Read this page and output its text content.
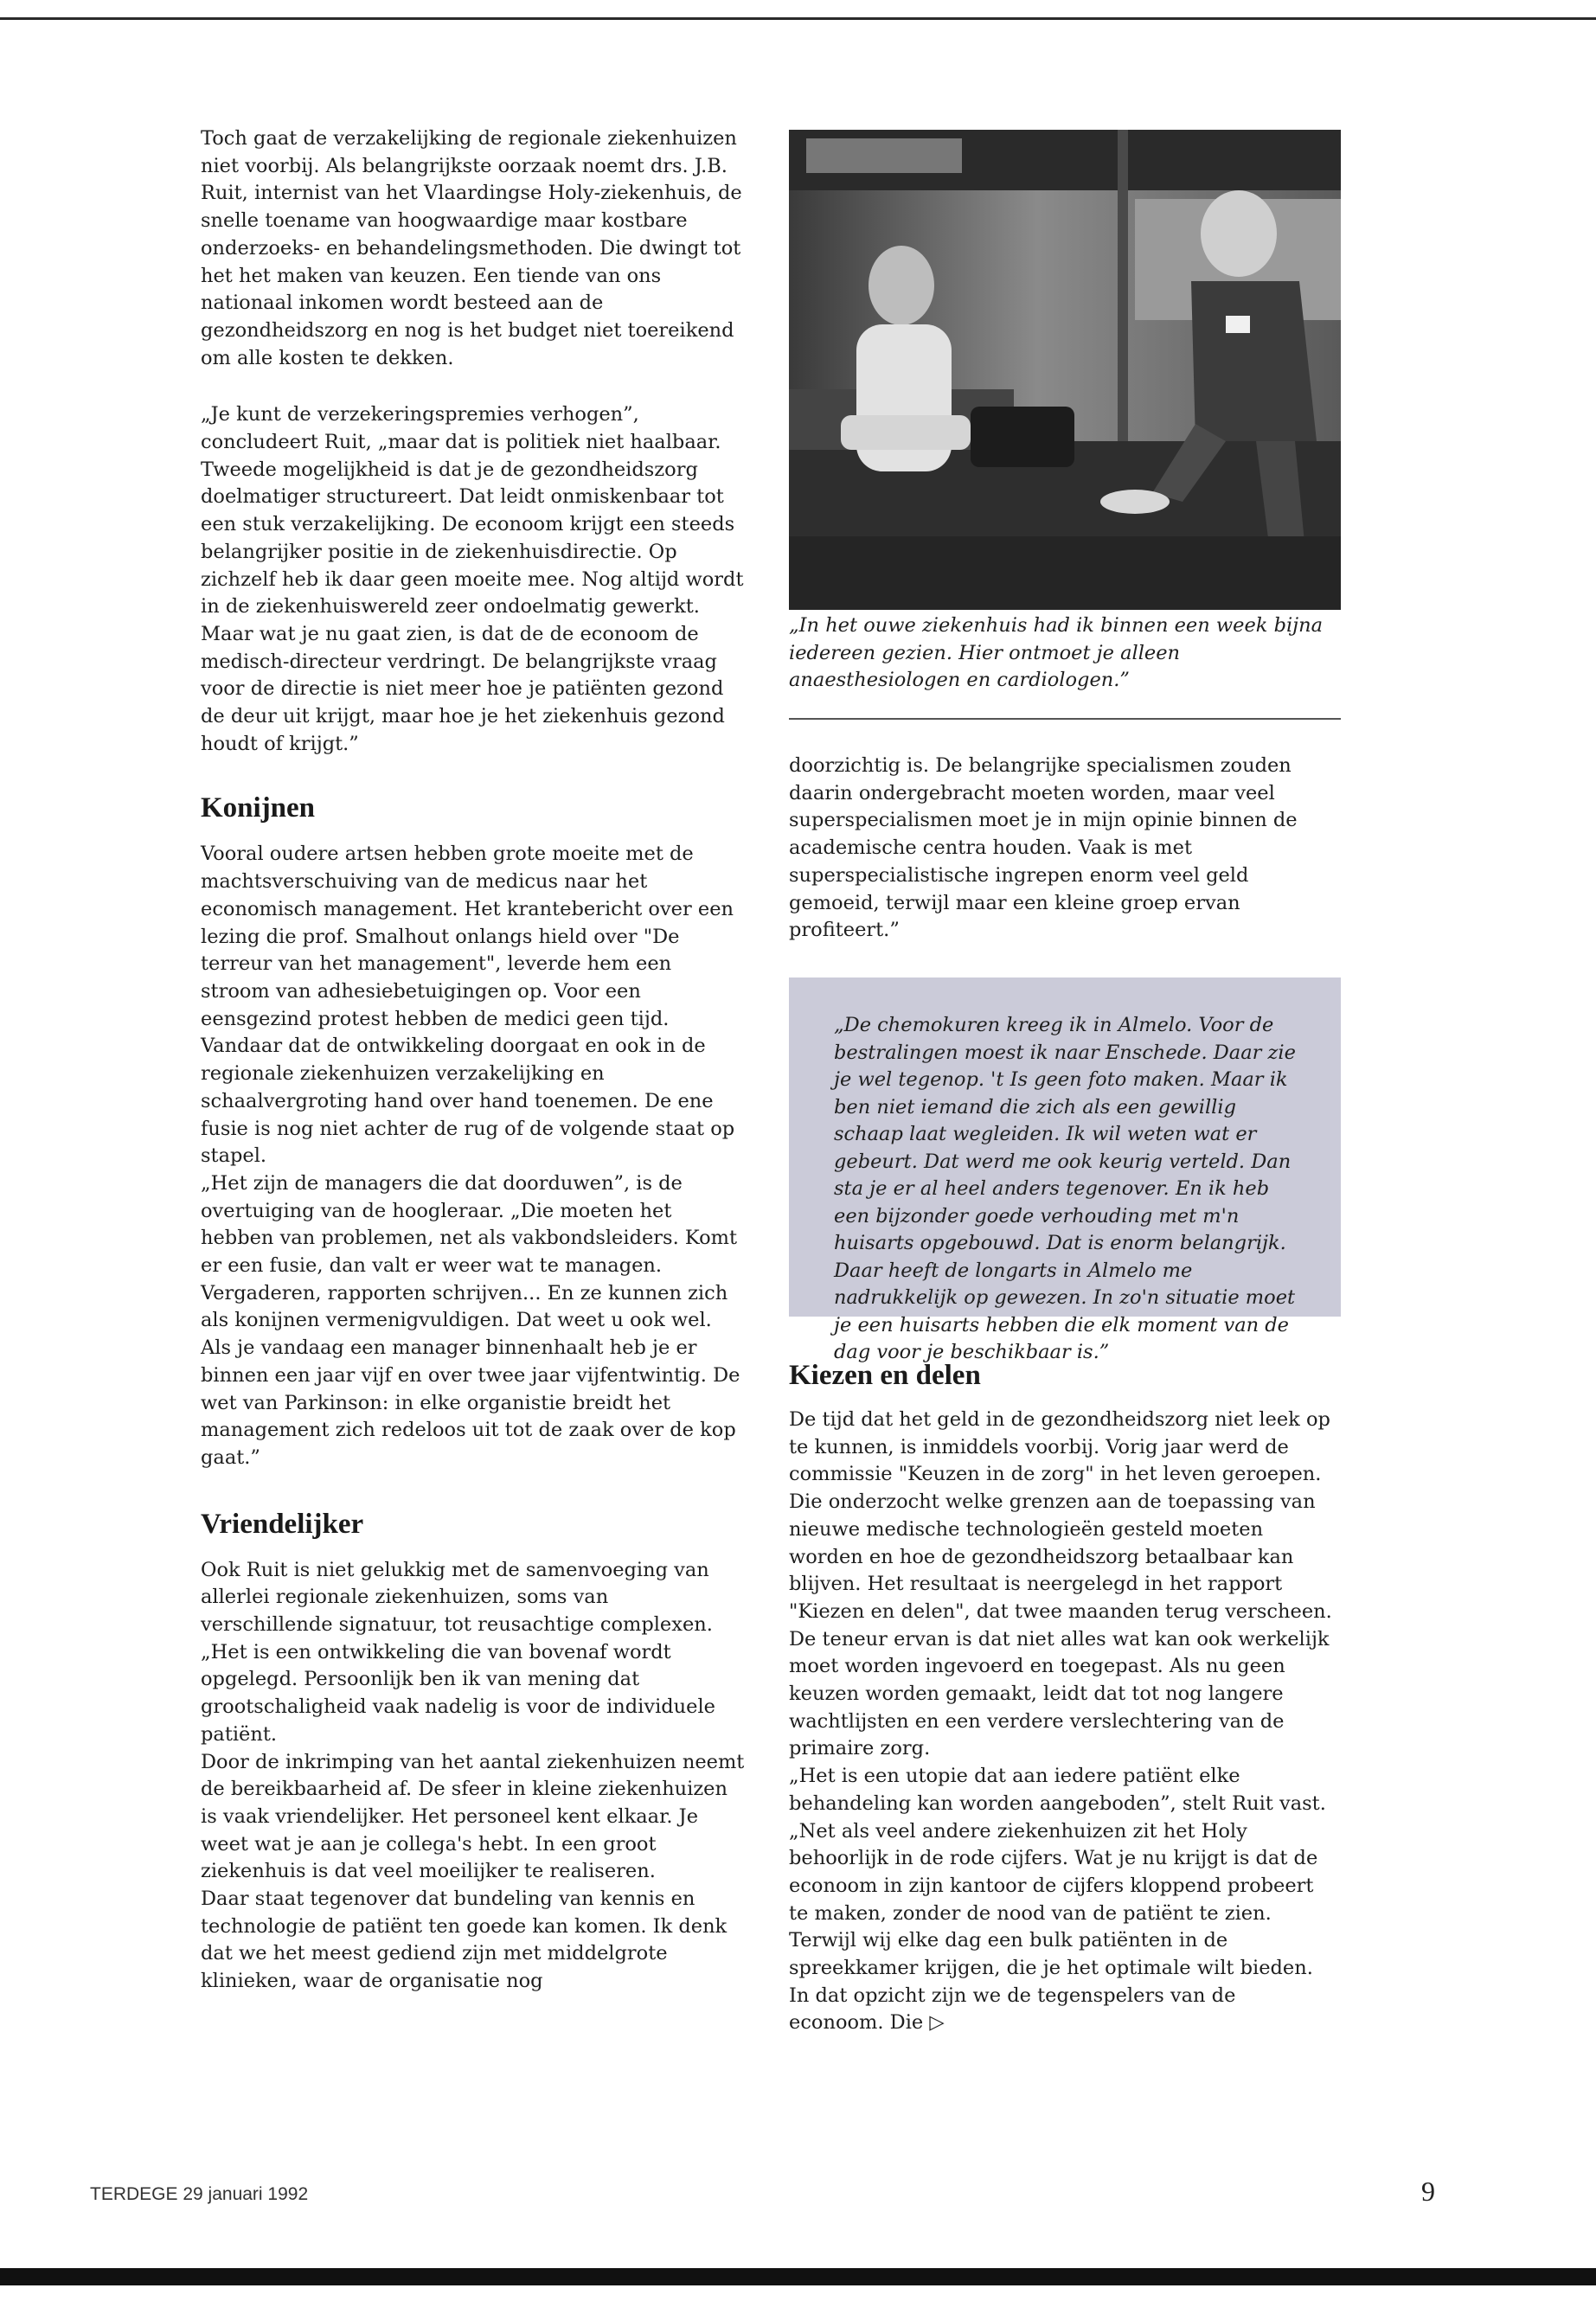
Toch gaat de verzakelijking de regionale ziekenhuizen niet voorbij. Als belangrijkste oorzaak noemt drs. J.B. Ruit, internist van het Vlaardingse Holy-ziekenhuis, de snelle toename van hoogwaardige maar kostbare onderzoeks- en behandelingsmethoden. Die dwingt tot het het maken van keuzen. Een tiende van ons nationaal inkomen wordt besteed aan de gezondheidszorg en nog is het budget niet toereikend om alle kosten te dekken.

„Je kunt de verzekeringspremies verhogen”, concludeert Ruit, „maar dat is politiek niet haalbaar. Tweede mogelijkheid is dat je de gezondheidszorg doelmatiger structureert. Dat leidt onmiskenbaar tot een stuk verzakelijking. De econoom krijgt een steeds belangrijker positie in de ziekenhuisdirectie. Op zichzelf heb ik daar geen moeite mee. Nog altijd wordt in de ziekenhuiswereld zeer ondoelmatig gewerkt. Maar wat je nu gaat zien, is dat de de econoom de medisch-directeur verdringt. De belangrijkste vraag voor de directie is niet meer hoe je patiënten gezond de deur uit krijgt, maar hoe je het ziekenhuis gezond houdt of krijgt.”

Konijnen

Vooral oudere artsen hebben grote moeite met de machtsverschuiving van de medicus naar het economisch management. Het krantebericht over een lezing die prof. Smalhout onlangs hield over "De terreur van het management", leverde hem een stroom van adhesiebetuigingen op. Voor een eensgezind protest hebben de medici geen tijd. Vandaar dat de ontwikkeling doorgaat en ook in de regionale ziekenhuizen verzakelijking en schaalvergroting hand over hand toenemen. De ene fusie is nog niet achter de rug of de volgende staat op stapel.

„Het zijn de managers die dat doorduwen”, is de overtuiging van de hoogleraar. „Die moeten het hebben van problemen, net als vakbondsleiders. Komt er een fusie, dan valt er weer wat te managen. Vergaderen, rapporten schrijven... En ze kunnen zich als konijnen vermenigvuldigen. Dat weet u ook wel. Als je vandaag een manager binnenhaalt heb je er binnen een jaar vijf en over twee jaar vijfentwintig. De wet van Parkinson: in elke organistie breidt het management zich redeloos uit tot de zaak over de kop gaat.”

Vriendelijker

Ook Ruit is niet gelukkig met de samenvoeging van allerlei regionale ziekenhuizen, soms van verschillende signatuur, tot reusachtige complexen. „Het is een ontwikkeling die van bovenaf wordt opgelegd. Persoonlijk ben ik van mening dat grootschaligheid vaak nadelig is voor de individuele patiënt.

Door de inkrimping van het aantal ziekenhuizen neemt de bereikbaarheid af. De sfeer in kleine ziekenhuizen is vaak vriendelijker. Het personeel kent elkaar. Je weet wat je aan je collega's hebt. In een groot ziekenhuis is dat veel moeilijker te realiseren.

Daar staat tegenover dat bundeling van kennis en technologie de patiënt ten goede kan komen. Ik denk dat we het meest gediend zijn met middelgrote klinieken, waar de organisatie nog

„In het ouwe ziekenhuis had ik binnen een week bijna iedereen gezien. Hier ontmoet je alleen anaesthesiologen en cardiologen.”

doorzichtig is. De belangrijke specialismen zouden daarin ondergebracht moeten worden, maar veel superspecialismen moet je in mijn opinie binnen de academische centra houden. Vaak is met superspecialistische ingrepen enorm veel geld gemoeid, terwijl maar een kleine groep ervan profiteert.”

„De chemokuren kreeg ik in Almelo. Voor de bestralingen moest ik naar Enschede. Daar zie je wel tegenop. 't Is geen foto maken. Maar ik ben niet iemand die zich als een gewillig schaap laat wegleiden. Ik wil weten wat er gebeurt. Dat werd me ook keurig verteld. Dan sta je er al heel anders tegenover. En ik heb een bijzonder goede verhouding met m'n huisarts opgebouwd. Dat is enorm belangrijk. Daar heeft de longarts in Almelo me nadrukkelijk op gewezen. In zo'n situatie moet je een huisarts hebben die elk moment van de dag voor je beschikbaar is.”

Kiezen en delen

De tijd dat het geld in de gezondheidszorg niet leek op te kunnen, is inmiddels voorbij. Vorig jaar werd de commissie "Keuzen in de zorg" in het leven geroepen. Die onderzocht welke grenzen aan de toepassing van nieuwe medische technologieën gesteld moeten worden en hoe de gezondheidszorg betaalbaar kan blijven. Het resultaat is neergelegd in het rapport "Kiezen en delen", dat twee maanden terug verscheen. De teneur ervan is dat niet alles wat kan ook werkelijk moet worden ingevoerd en toegepast. Als nu geen keuzen worden gemaakt, leidt dat tot nog langere wachtlijsten en een verdere verslechtering van de primaire zorg.

„Het is een utopie dat aan iedere patiënt elke behandeling kan worden aangeboden”, stelt Ruit vast. „Net als veel andere ziekenhuizen zit het Holy behoorlijk in de rode cijfers. Wat je nu krijgt is dat de econoom in zijn kantoor de cijfers kloppend probeert te maken, zonder de nood van de patiënt te zien. Terwijl wij elke dag een bulk patiënten in de spreekkamer krijgen, die je het optimale wilt bieden. In dat opzicht zijn we de tegenspelers van de econoom. Die ▷

TERDEGE 29 januari 1992	9
